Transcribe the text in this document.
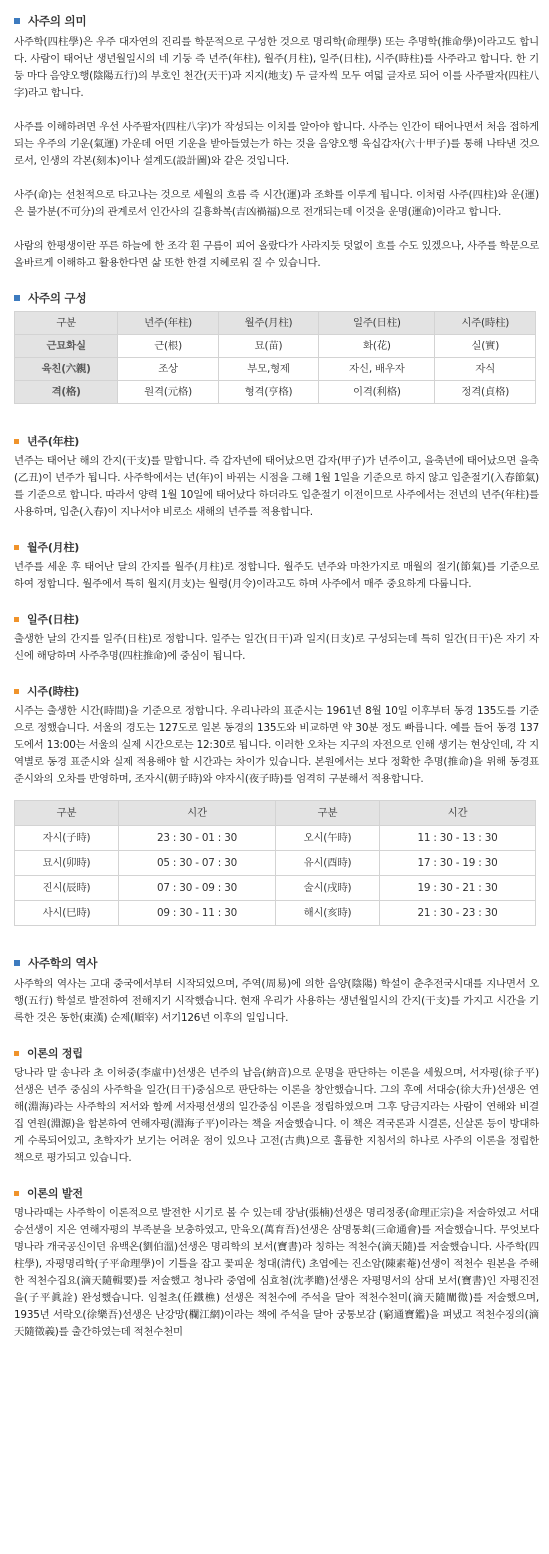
사주의 의미

사주학(四柱學)은 우주 대자연의 진리를 학문적으로 구성한 것으로 명리학(命理學) 또는 추명학(推命學)이라고도 합니다. 사람이 태어난 생년월일시의 네 기둥 즉 년주(年柱), 월주(月柱), 일주(日柱), 시주(時柱)를 사주라고 합니다. 한 기둥 마다 음양오행(陰陽五行)의 부호인 천간(天干)과 지지(地支) 두 글자씩 모두 여덟 글자로 되어 이를 사주팔자(四柱八字)라고 합니다.

사주를 이해하려면 우선 사주팔자(四柱八字)가 작성되는 이치를 알아야 합니다. 사주는 인간이 태어나면서 처음 접하게 되는 우주의 기운(氣運) 가운데 어떤 기운을 받아들였는가 하는 것을 음양오행 육십갑자(六十甲子)를 통해 나타낸 것으로서, 인생의 각본(刻本)이나 설계도(設計圖)와 같은 것입니다.

사주(命)는 선천적으로 타고나는 것으로 세월의 흐름 즉 시간(運)과 조화를 이루게 됩니다. 이처럼 사주(四柱)와 운(運)은 불가분(不可分)의 관계로서 인간사의 길흉화복(吉凶禍福)으로 전개되는데 이것을 운명(運命)이라고 합니다.

사람의 한평생이란 푸른 하늘에 한 조각 흰 구름이 피어 올랐다가 사라지듯 덧없이 흐를 수도 있겠으나, 사주를 학문으로 올바르게 이해하고 활용한다면 삶 또한 한결 지혜로워 질 수 있습니다.

사주의 구성
구분	년주(年柱)	월주(月柱)	일주(日柱)	시주(時柱)
근묘화실	근(根)	묘(苗)	화(花)	실(實)
육친(六親)	조상	부모,형제	자신, 배우자	자식
격(格)	원격(元格)	형격(亨格)	이격(利格)	정격(貞格)
년주(年柱)

년주는 태어난 해의 간지(干支)를 말합니다. 즉 갑자년에 태어났으면 갑자(甲子)가 년주이고, 을축년에 태어났으면 을축(乙丑)이 년주가 됩니다. 사주학에서는 년(年)이 바뀌는 시점을 그해 1월 1일을 기준으로 하지 않고 입춘절기(入春節氣)를 기준으로 합니다. 따라서 양력 1월 10일에 태어났다 하더라도 입춘절기 이전이므로 사주에서는 전년의 년주(年柱)를 사용하며, 입춘(入春)이 지나서야 비로소 새해의 년주를 적용합니다.

월주(月柱)

년주를 세운 후 태어난 달의 간지를 월주(月柱)로 정합니다. 월주도 년주와 마찬가지로 매월의 절기(節氣)를 기준으로 하여 정합니다. 월주에서 특히 월지(月支)는 월령(月令)이라고도 하며 사주에서 매주 중요하게 다룹니다.

일주(日柱)

출생한 날의 간지를 일주(日柱)로 정합니다. 일주는 일간(日干)과 일지(日支)로 구성되는데 특히 일간(日干)은 자기 자신에 해당하며 사주추명(四柱推命)에 중심이 됩니다.

시주(時柱)

시주는 출생한 시간(時間)을 기준으로 정합니다. 우리나라의 표준시는 1961년 8월 10일 이후부터 동경 135도를 기준으로 정했습니다. 서울의 경도는 127도로 일본 동경의 135도와 비교하면 약 30분 정도 빠릅니다. 예를 들어 동경 137도에서 13:00는 서울의 실제 시간으로는 12:30로 됩니다. 이러한 오차는 지구의 자전으로 인해 생기는 현상인데, 각 지역별로 동경 표준시와 실제 적용해야 할 시간과는 차이가 있습니다. 본원에서는 보다 정확한 추명(推命)을 위해 동경표준시와의 오차를 반영하며, 조자시(朝子時)와 야자시(夜子時)를 엄격히 구분해서 적용합니다.

구분	시간	구분	시간
자시(子時)	23 : 30 - 01 : 30	오시(午時)	11 : 30 - 13 : 30
묘시(卯時)	05 : 30 - 07 : 30	유시(酉時)	17 : 30 - 19 : 30
진시(辰時)	07 : 30 - 09 : 30	술시(戌時)	19 : 30 - 21 : 30
사시(巳時)	09 : 30 - 11 : 30	해시(亥時)	21 : 30 - 23 : 30
사주학의 역사

사주학의 역사는 고대 중국에서부터 시작되었으며, 주역(周易)에 의한 음양(陰陽) 학설이 춘추전국시대를 지나면서 오행(五行) 학설로 발전하여 전해지기 시작했습니다. 현재 우리가 사용하는 생년월일시의 간지(干支)를 가지고 시간을 기록한 것은 동한(東漢) 순제(順宰) 서기126년 이후의 일입니다.

이론의 정립

당나라 말 송나라 초 이허중(李虛中)선생은 년주의 납음(納音)으로 운명을 판단하는 이론을 세웠으며, 서자평(徐子平)선생은 년주 중심의 사주학을 일간(日干)중심으로 판단하는 이론을 창안했습니다. 그의 후예 서대승(徐大升)선생은 연해(淵海)라는 사주학의 저서와 함께 서자평선생의 일간중심 이론을 정립하였으며 그후 당금지라는 사람이 연해와 비결집 연원(淵源)을 합본하여 연해자평(淵海子平)이라는 책을 저술했습니다. 이 책은 격국론과 시결론, 신살론 등이 방대하게 수록되어있고, 초학자가 보기는 어려운 점이 있으나 고전(古典)으로 훌륭한 지침서의 하나로 사주의 이론을 정립한 책으로 평가되고 있습니다.

이론의 발전

명나라때는 사주학이 이론적으로 발전한 시기로 볼 수 있는데 장남(張楠)선생은 명리정종(命理正宗)을 저술하였고 서대승선생이 지은 연해자평의 부족분을 보충하였고, 만육오(萬育吾)선생은 삼명통회(三命通會)를 저술했습니다. 무엇보다 명나라 개국공신이던 유백온(劉伯溫)선생은 명리학의 보서(寶書)라 칭하는 적천수(滴天隨)를 저술했습니다. 사주학(四柱學), 자평명리학(子平命理學)이 기틀을 잡고 꽃피운 청대(淸代) 초엽에는 진소암(陳素菴)선생이 적천수 원본을 주해한 적천수집요(滴天隨輯要)를 저술했고 청나라 중엽에 심효첨(沈孝瞻)선생은 자평명서의 삼대 보서(寶書)인 자평진전을(子平眞詮) 완성했습니다. 임철초(任鐵樵) 선생은 적천수에 주석을 달아 적천수천미(滴天隨闡微)를 저술했으며, 1935년 서락오(徐樂吾)선생은 난강망(欄江網)이라는 책에 주석을 달아 궁통보감 (窮通寶鑑)을 펴냈고 적천수징의(滴天隨徵義)를 출간하였는데 적천수천미
